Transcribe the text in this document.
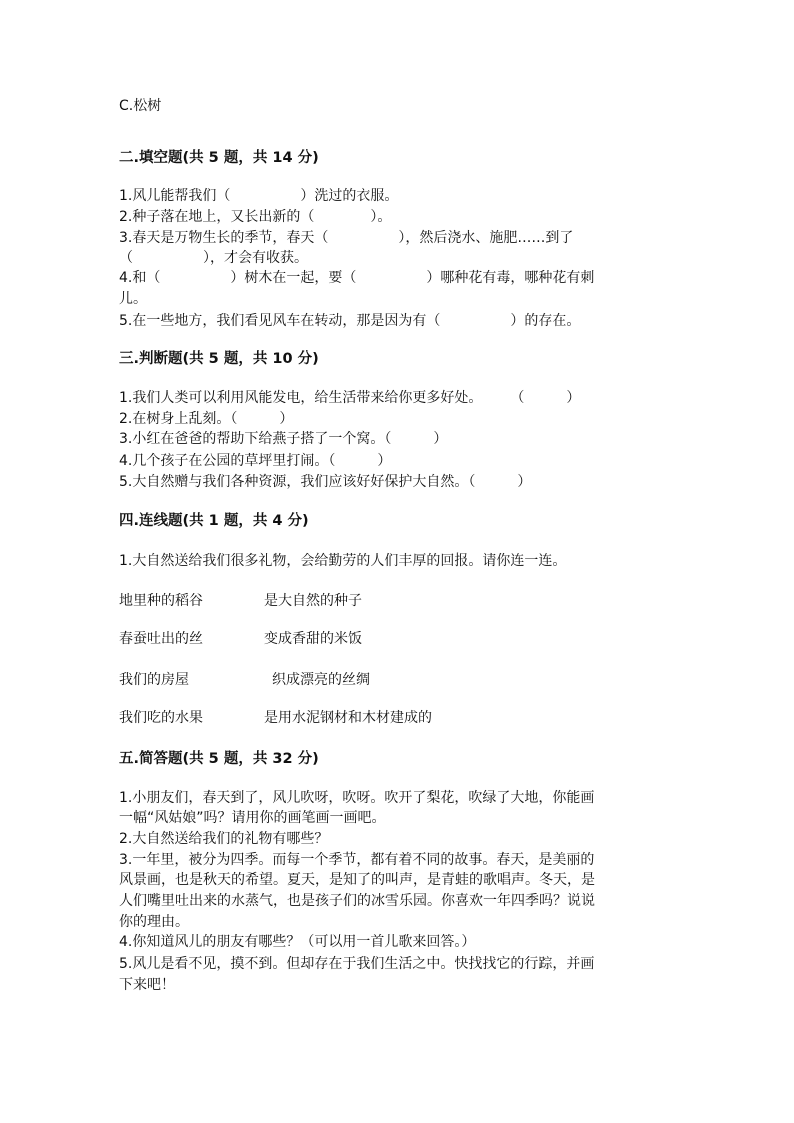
C.松树

二.填空题(共 5 题，共 14 分)

1.风儿能帮我们（　　　　　）洗过的衣服。

2.种子落在地上，又长出新的（　　　　）。

3.春天是万物生长的季节，春天（　　　　　），然后浇水、施肥……到了

（　　　　　），才会有收获。

4.和（　　　　　）树木在一起，要（　　　　　）哪种花有毒，哪种花有刺

儿。

5.在一些地方，我们看见风车在转动，那是因为有（　　　　　）的存在。

三.判断题(共 5 题，共 10 分)

1.我们人类可以利用风能发电，给生活带来给你更多好处。　　　（　　　）

2.在树身上乱刻。（　　　）

3.小红在爸爸的帮助下给燕子搭了一个窝。（　　　）

4.几个孩子在公园的草坪里打闹。（　　　）

5.大自然赠与我们各种资源，我们应该好好保护大自然。（　　　）

四.连线题(共 1 题，共 4 分)

1.大自然送给我们很多礼物，会给勤劳的人们丰厚的回报。请你连一连。

地里种的稻谷	是大自然的种子

春蚕吐出的丝	变成香甜的米饭

我们的房屋	织成漂亮的丝绸

我们吃的水果	是用水泥钢材和木材建成的

五.简答题(共 5 题，共 32 分)

1.小朋友们，春天到了，风儿吹呀，吹呀。吹开了梨花，吹绿了大地，你能画

一幅“风姑娘”吗？请用你的画笔画一画吧。

2.大自然送给我们的礼物有哪些？

3.一年里，被分为四季。而每一个季节，都有着不同的故事。春天，是美丽的

风景画，也是秋天的希望。夏天，是知了的叫声，是青蛙的歌唱声。冬天，是

人们嘴里吐出来的水蒸气，也是孩子们的冰雪乐园。你喜欢一年四季吗？说说

你的理由。

4.你知道风儿的朋友有哪些？（可以用一首儿歌来回答。）

5.风儿是看不见，摸不到。但却存在于我们生活之中。快找找它的行踪，并画

下来吧！
